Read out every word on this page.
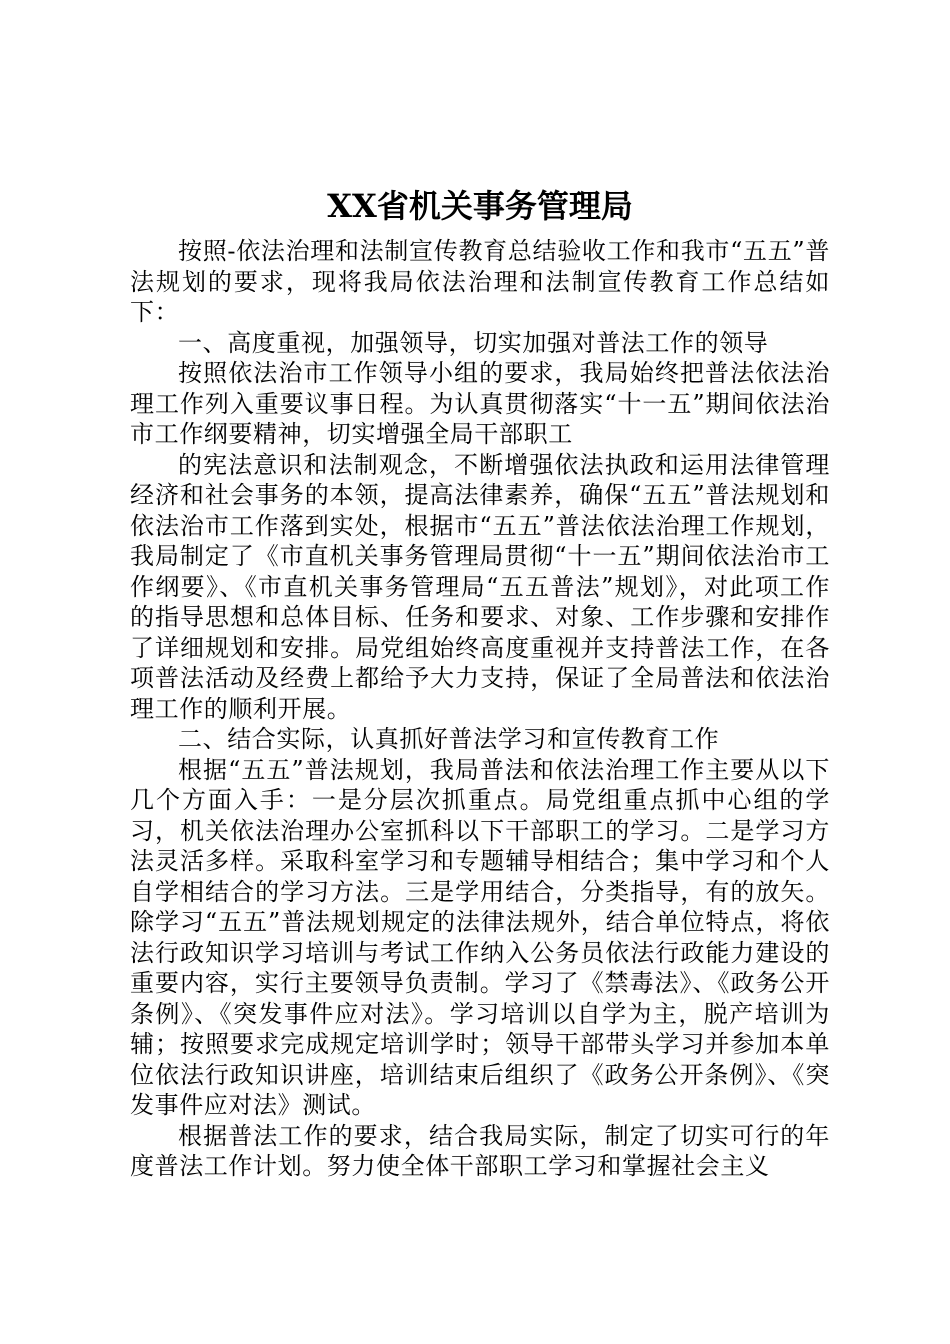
XX省机关事务管理局

按照-依法治理和法制宣传教育总结验收工作和我市“五五”普法规划的要求，现将我局依法治理和法制宣传教育工作总结如下：

一、高度重视，加强领导，切实加强对普法工作的领导

按照依法治市工作领导小组的要求，我局始终把普法依法治理工作列入重要议事日程。为认真贯彻落实“十一五”期间依法治市工作纲要精神，切实增强全局干部职工

的宪法意识和法制观念，不断增强依法执政和运用法律管理经济和社会事务的本领，提高法律素养，确保“五五”普法规划和依法治市工作落到实处，根据市“五五”普法依法治理工作规划，我局制定了《市直机关事务管理局贯彻“十一五”期间依法治市工作纲要》、《市直机关事务管理局“五五普法”规划》，对此项工作的指导思想和总体目标、任务和要求、对象、工作步骤和安排作了详细规划和安排。局党组始终高度重视并支持普法工作，在各项普法活动及经费上都给予大力支持，保证了全局普法和依法治理工作的顺利开展。

二、结合实际，认真抓好普法学习和宣传教育工作

根据“五五”普法规划，我局普法和依法治理工作主要从以下几个方面入手：一是分层次抓重点。局党组重点抓中心组的学习，机关依法治理办公室抓科以下干部职工的学习。二是学习方法灵活多样。采取科室学习和专题辅导相结合；集中学习和个人自学相结合的学习方法。三是学用结合，分类指导，有的放矢。除学习“五五”普法规划规定的法律法规外，结合单位特点，将依法行政知识学习培训与考试工作纳入公务员依法行政能力建设的重要内容，实行主要领导负责制。学习了《禁毒法》、《政务公开条例》、《突发事件应对法》。学习培训以自学为主，脱产培训为辅；按照要求完成规定培训学时；领导干部带头学习并参加本单位依法行政知识讲座，培训结束后组织了《政务公开条例》、《突发事件应对法》测试。

根据普法工作的要求，结合我局实际，制定了切实可行的年度普法工作计划。努力使全体干部职工学习和掌握社会主义
